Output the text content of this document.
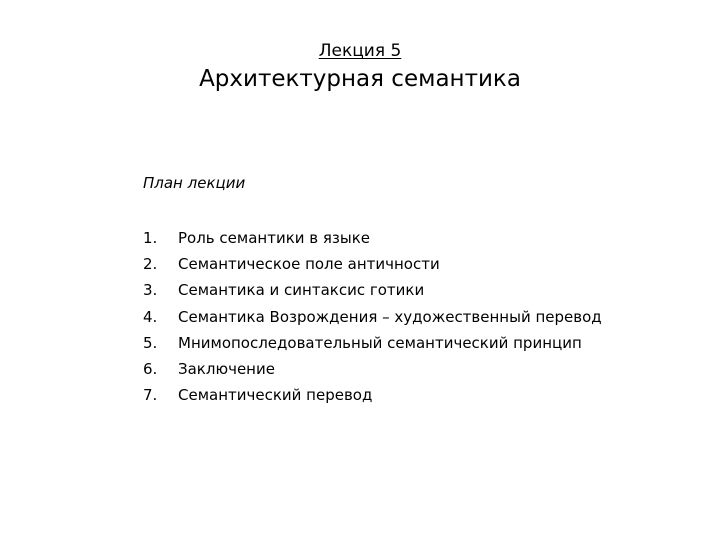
Лекция 5
Архитектурная семантика
План лекции
1.	Роль семантики в языке
2.	Семантическое поле античности
3.	Семантика и синтаксис готики
4.	Семантика Возрождения – художественный перевод
5.	Мнимопоследовательный семантический принцип
6.	Заключение
7.	Семантический перевод
